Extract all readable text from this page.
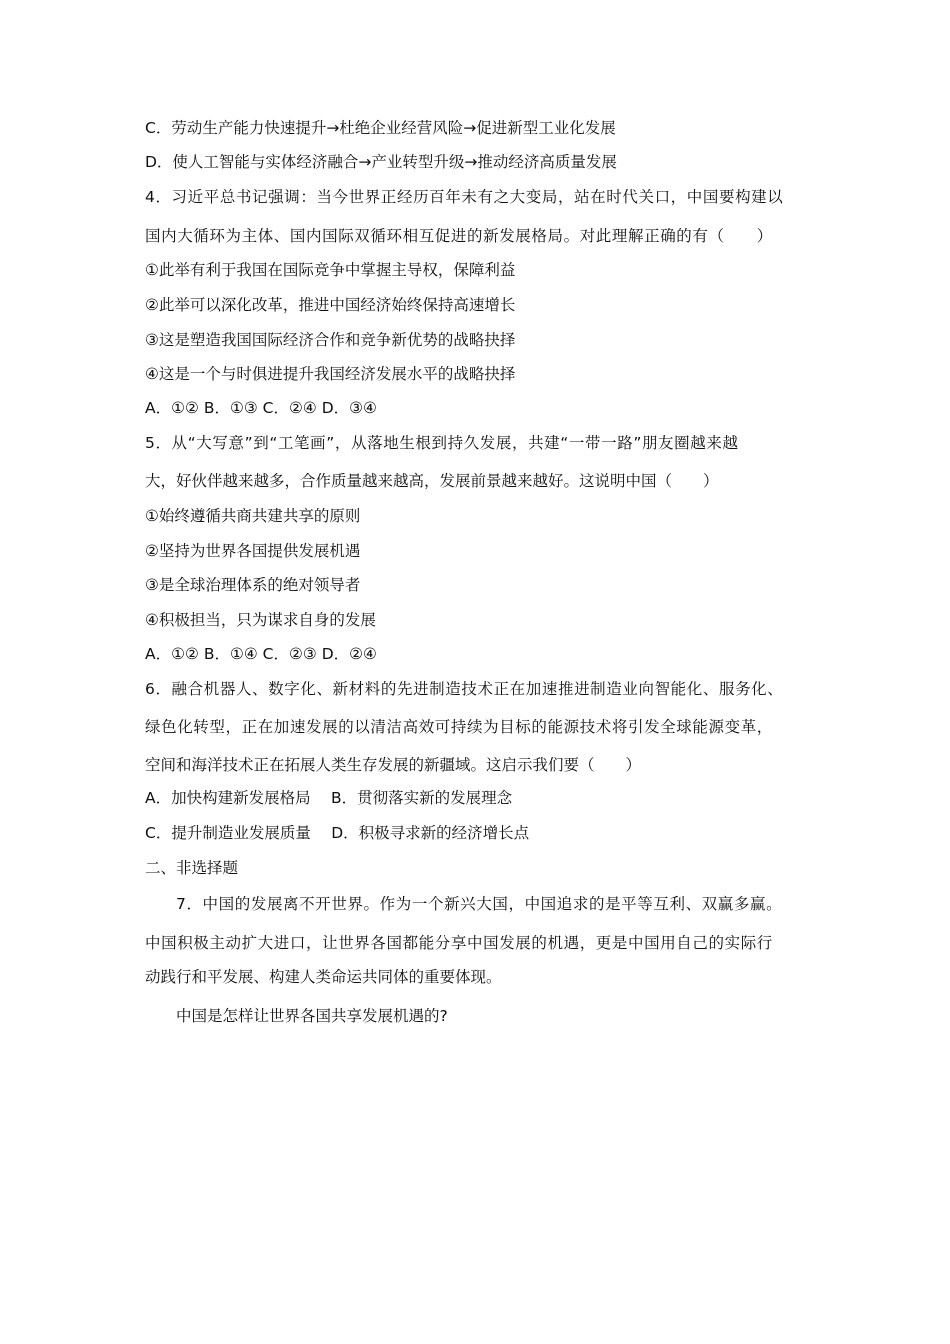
C．劳动生产能力快速提升→杜绝企业经营风险→促进新型工业化发展
D．使人工智能与实体经济融合→产业转型升级→推动经济高质量发展
4．习近平总书记强调：当今世界正经历百年未有之大变局，站在时代关口，中国要构建以
国内大循环为主体、国内国际双循环相互促进的新发展格局。对此理解正确的有（　　）
①此举有利于我国在国际竞争中掌握主导权，保障利益
②此举可以深化改革，推进中国经济始终保持高速增长
③这是塑造我国国际经济合作和竞争新优势的战略抉择
④这是一个与时俱进提升我国经济发展水平的战略抉择
A．①② B．①③ C．②④ D．③④
5．从“大写意”到“工笔画”，从落地生根到持久发展，共建“一带一路”朋友圈越来越
大，好伙伴越来越多，合作质量越来越高，发展前景越来越好。这说明中国（　　）
①始终遵循共商共建共享的原则
②坚持为世界各国提供发展机遇
③是全球治理体系的绝对领导者
④积极担当，只为谋求自身的发展
A．①② B．①④ C．②③ D．②④
6．融合机器人、数字化、新材料的先进制造技术正在加速推进制造业向智能化、服务化、
绿色化转型，正在加速发展的以清洁高效可持续为目标的能源技术将引发全球能源变革，
空间和海洋技术正在拓展人类生存发展的新疆域。这启示我们要（　　）
A．加快构建新发展格局　 B．贯彻落实新的发展理念
C．提升制造业发展质量　 D．积极寻求新的经济增长点
二、非选择题
7．中国的发展离不开世界。作为一个新兴大国，中国追求的是平等互利、双赢多赢。
中国积极主动扩大进口，让世界各国都能分享中国发展的机遇，更是中国用自己的实际行
动践行和平发展、构建人类命运共同体的重要体现。
中国是怎样让世界各国共享发展机遇的?
